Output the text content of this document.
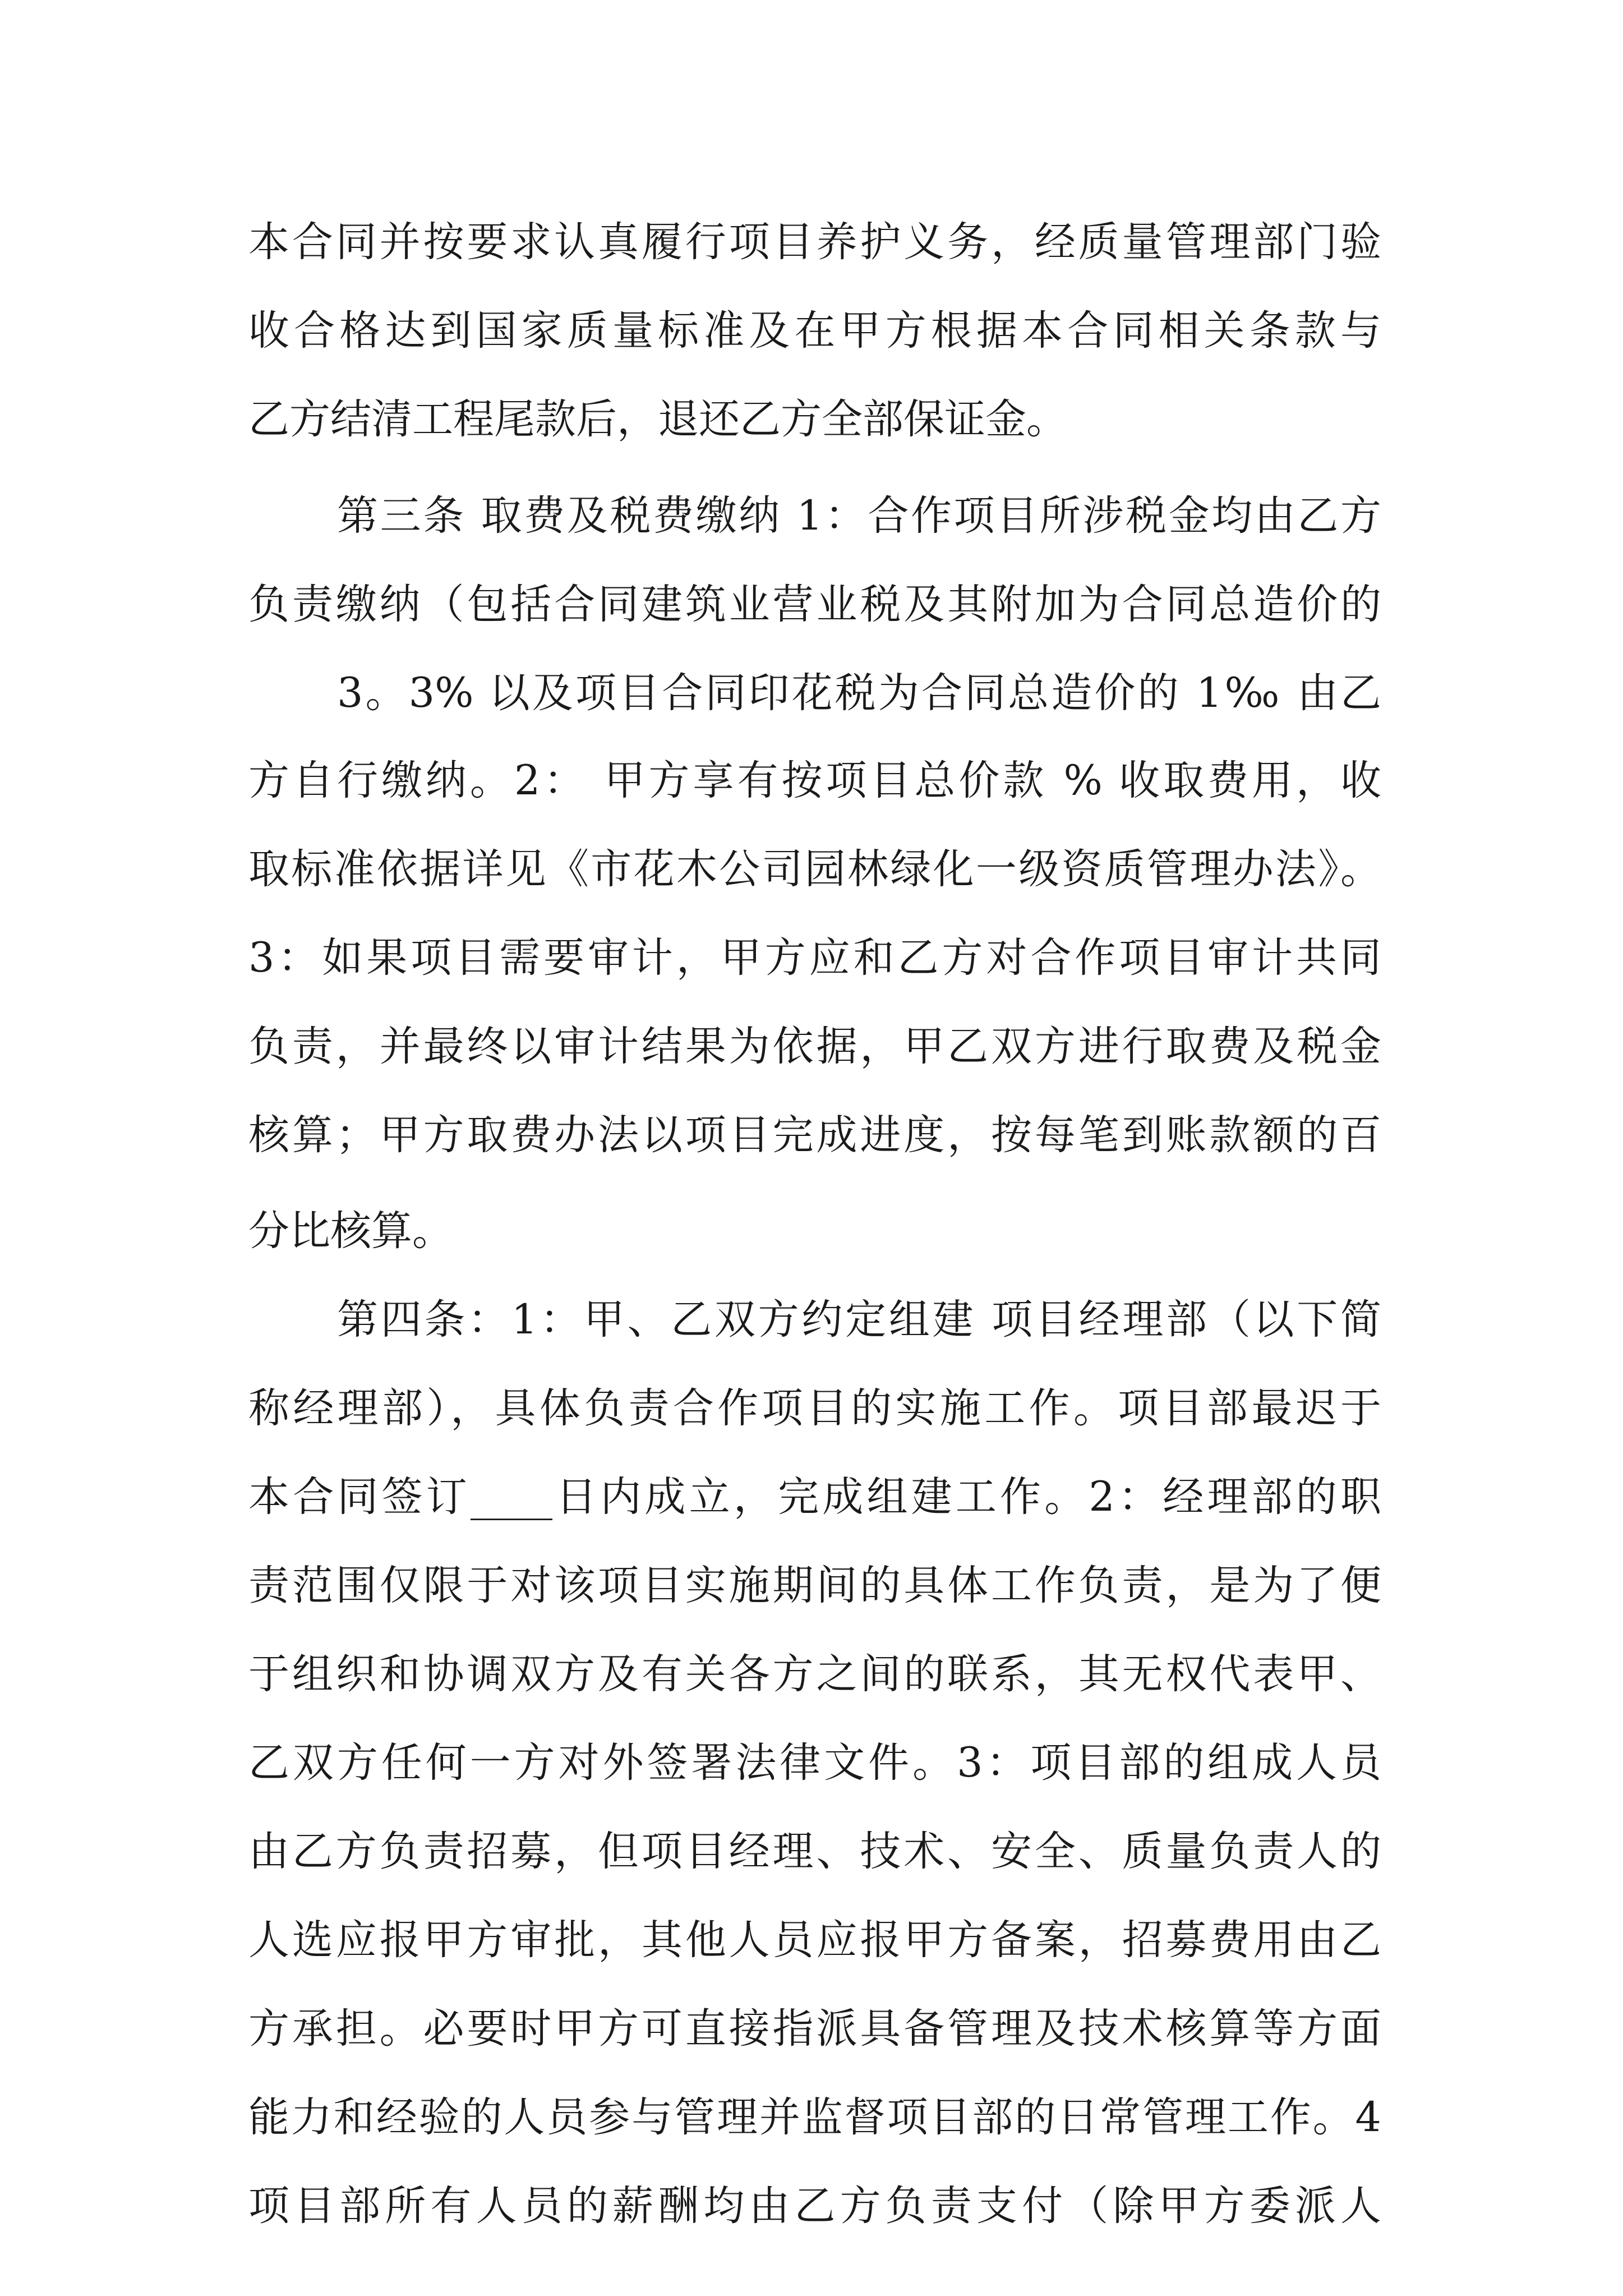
本合同并按要求认真履行项目养护义务，经质量管理部门验
收合格达到国家质量标准及在甲方根据本合同相关条款与
乙方结清工程尾款后，退还乙方全部保证金。
第三条 取费及税费缴纳 1：合作项目所涉税金均由乙方
负责缴纳（包括合同建筑业营业税及其附加为合同总造价的
3。3% 以及项目合同印花税为合同总造价的 1‰ 由乙
方自行缴纳。2： 甲方享有按项目总价款 % 收取费用，收
取标准依据详见《市花木公司园林绿化一级资质管理办法》。
3：如果项目需要审计，甲方应和乙方对合作项目审计共同
负责，并最终以审计结果为依据，甲乙双方进行取费及税金
核算；甲方取费办法以项目完成进度，按每笔到账款额的百
分比核算。
第四条：1：甲、乙双方约定组建 项目经理部（以下简
称经理部），具体负责合作项目的实施工作。项目部最迟于
本合同签订____日内成立，完成组建工作。2：经理部的职
责范围仅限于对该项目实施期间的具体工作负责，是为了便
于组织和协调双方及有关各方之间的联系，其无权代表甲、
乙双方任何一方对外签署法律文件。3：项目部的组成人员
由乙方负责招募，但项目经理、技术、安全、质量负责人的
人选应报甲方审批，其他人员应报甲方备案，招募费用由乙
方承担。必要时甲方可直接指派具备管理及技术核算等方面
能力和经验的人员参与管理并监督项目部的日常管理工作。4
项目部所有人员的薪酬均由乙方负责支付（除甲方委派人
